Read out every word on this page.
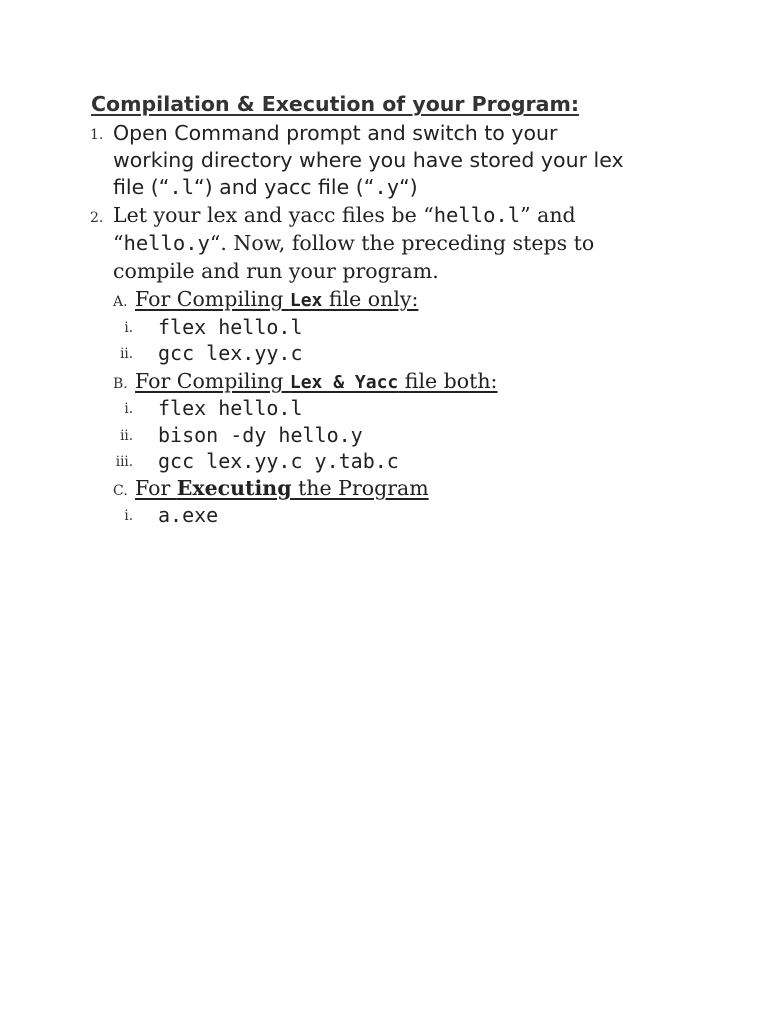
Compilation & Execution of your Program:
1. Open Command prompt and switch to your
working directory where you have stored your lex
file (“.l“) and yacc file (“.y“)
2. Let your lex and yacc files be “hello.l” and
“hello.y“. Now, follow the preceding steps to
compile and run your program.
A. For Compiling Lex file only:
i. flex hello.l
ii. gcc lex.yy.c
B. For Compiling Lex & Yacc file both:
i. flex hello.l
ii. bison -dy hello.y
iii. gcc lex.yy.c y.tab.c
C. For Executing the Program
i. a.exe
